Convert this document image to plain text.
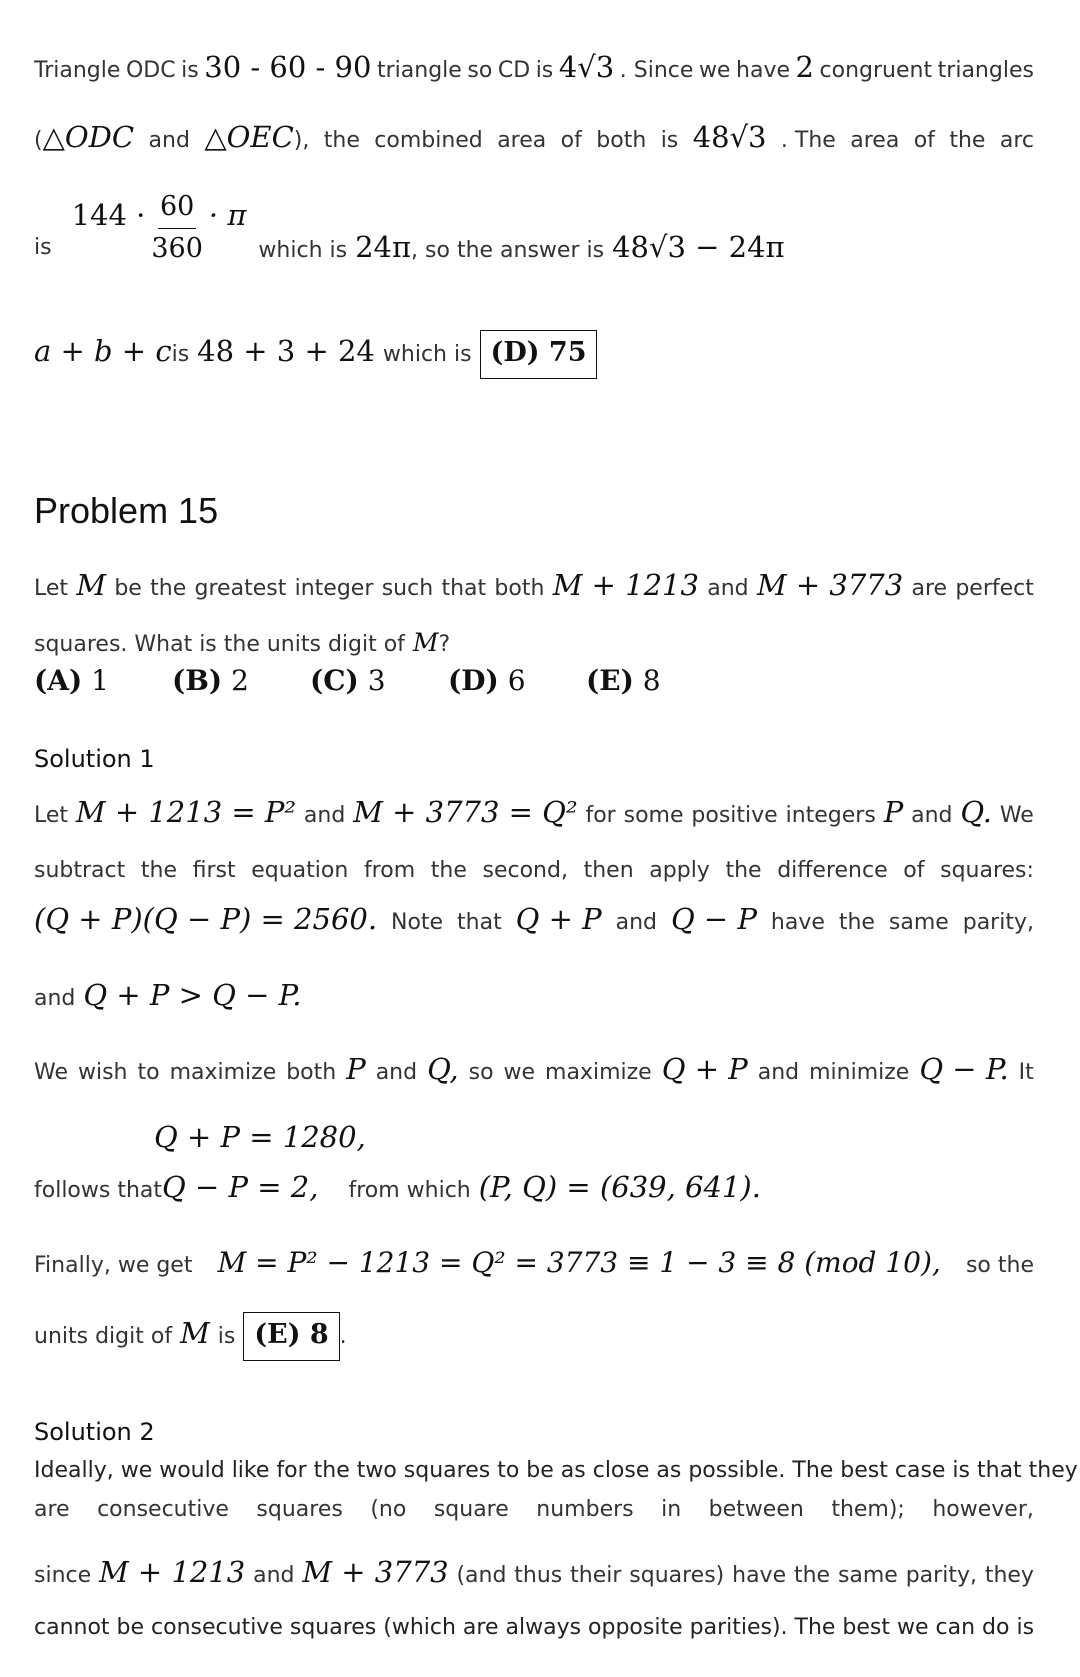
Triangle ODC is 30 - 60 - 90 triangle so CD is 4√3 . Since we have 2 congruent triangles
( △ODC and △OEC ), the combined area of both is 48√3 . The area of the arc
is
$144 \cdot \frac{60}{360} \cdot \pi$
which is 24π , so the answer is 48√3 − 24π
a + b + c is 48 + 3 + 24 which is (D) 75
Problem 15
Let M be the greatest integer such that both M + 1213 and M + 3773 are perfect
squares. What is the units digit of M ?
(A) 1 (B) 2 (C) 3 (D) 6 (E) 8
Solution 1
Let M + 1213 = P² and M + 3773 = Q² for some positive integers P and Q. We
subtract the first equation from the second, then apply the difference of squares:
(Q + P)(Q − P) = 2560. Note that Q + P and Q − P have the same parity,
and Q + P > Q − P.
We wish to maximize both P and Q, so we maximize Q + P and minimize Q − P. It
Q + P = 1280,
follows that Q − P = 2, from which (P, Q) = (639, 641).
Finally, we get M = P² − 1213 = Q² = 3773 ≡ 1 − 3 ≡ 8 (mod 10), so the
units digit of M is (E) 8 .
Solution 2
Ideally, we would like for the two squares to be as close as possible. The best case is that they
are consecutive squares (no square numbers in between them); however,
since M + 1213 and M + 3773 (and thus their squares) have the same parity, they
cannot be consecutive squares (which are always opposite parities). The best we can do is
